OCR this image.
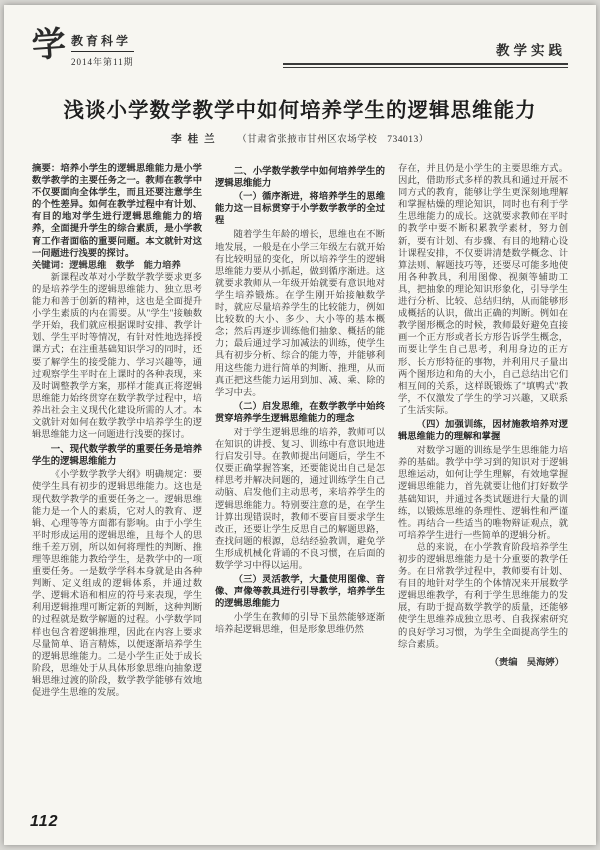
学 教育科学
2014年第11期
教学实践
浅谈小学数学教学中如何培养学生的逻辑思维能力
李桂兰 （甘肃省张掖市甘州区农场学校　734013）

摘要：培养小学生的逻辑思维能力是小学数学教学的主要任务之一。教师在教学中不仅要面向全体学生，而且还要注意学生的个性差异。如何在教学过程中有计划、有目的地对学生进行逻辑思维能力的培养，全面提升学生的综合素质，是小学教育工作者面临的重要问题。本文就针对这一问题进行浅要的探讨。

关键词：逻辑思维　数学　能力培养

新课程改革对小学数学教学要求更多的是培养学生的逻辑思维能力、独立思考能力和善于创新的精神，这也是全面提升小学生素质的内在需要。从"学生"接触数学开始，我们就应根据课时安排、教学计划、学生平时等情况，有针对性地选择授课方式；在注重基础知识学习的同时，还要了解学生的接受能力、学习兴趣等，通过观察学生平时在上课时的各种表现，来及时调整教学方案，那样才能真正将逻辑思维能力始终贯穿在数学教学过程中，培养出社会主义现代化建设所需的人才。本文就针对如何在数学教学中培养学生的逻辑思维能力这一问题进行浅要的探讨。

一、现代数学教学的重要任务是培养学生的逻辑思维能力

《小学数学教学大纲》明确规定：要使学生具有初步的逻辑思维能力。这也是现代数学教学的重要任务之一。逻辑思维能力是一个人的素质，它对人的教育、逻辑、心理等等方面都有影响。由于小学生平时形成运用的逻辑思维，且每个人的思维千差万别，所以如何将理性的判断、推理等思维能力教给学生，是教学中的一项重要任务。一是数学学科本身就是由各种判断、定义组成的逻辑体系，并通过数学、逻辑术语和相应的符号来表现，学生利用逻辑推理可断定新的判断，这种判断的过程就是数学解题的过程。小学数学同样也包含着逻辑推理，因此在内容上要求尽量简单、语言精炼，以便逐渐培养学生的逻辑思维能力。二是小学生正处于成长阶段，思维处于从具体形象思维向抽象逻辑思维过渡的阶段，数学教学能够有效地促进学生思维的发展。

二、小学数学教学中如何培养学生的逻辑思维能力
（一）循序渐进，将培养学生的思维能力这一目标贯穿于小学数学教学的全过程

随着学生年龄的增长，思维也在不断地发展，一般是在小学三年级左右就开始有比较明显的变化，所以培养学生的逻辑思维能力要从小抓起，做到循序渐进。这就要求教师从一年级开始就要有意识地对学生培养锻炼。在学生刚开始接触数学时，就应尽量培养学生的比较能力，例如比较数的大小、多少、大小等的基本概念；然后再逐步训练他们抽象、概括的能力；最后通过学习加减法的训练，使学生具有初步分析、综合的能力等，并能够利用这些能力进行简单的判断、推理，从而真正把这些能力运用到加、减、乘、除的学习中去。

（二）启发思维，在数学教学中始终贯穿培养学生逻辑思维能力的理念

对于学生逻辑思维的培养，教师可以在知识的讲授、复习、训练中有意识地进行启发引导。在教师提出问题后，学生不仅要正确掌握答案，还要能说出自己是怎样思考并解决问题的，通过训练学生自己动脑、启发他们主动思考，来培养学生的逻辑思维能力。特别要注意的是，在学生计算出现错误时，教师不要盲目要求学生改正，还要让学生反思自己的解题思路，查找问题的根源，总结经验教训，避免学生形成机械化背诵的不良习惯，在后面的数学学习中得以运用。

（三）灵活教学，大量使用图像、音像、声像等教具进行引导教学，培养学生的逻辑思维能力

小学生在教师的引导下虽然能够逐渐培养起逻辑思维，但是形象思维仍然

存在，并且仍是小学生的主要思维方式。因此，借助形式多样的教具和通过开展不同方式的教育，能够让学生更深刻地理解和掌握枯燥的理论知识，同时也有利于学生思维能力的成长。这就要求教师在平时的教学中要不断积累教学素材，努力创新，要有计划、有步骤、有目的地精心设计课程安排，不仅要讲清楚数学概念、计算法则、解题技巧等，还要尽可能多地使用各种教具，利用图像、视频等辅助工具，把抽象的理论知识形象化，引导学生进行分析、比较、总结归纳，从而能够形成概括的认识，做出正确的判断。例如在教学图形概念的时候，教师最好避免直接画一个正方形或者长方形告诉学生概念，而要让学生自己思考，利用身边的正方形、长方形特征的事物，并利用尺子量出两个图形边和角的大小，自己总结出它们相互间的关系，这样既锻炼了"填鸭式"教学，不仅激发了学生的学习兴趣，又联系了生活实际。

（四）加强训练，因材施教培养对逻辑思维能力的理解和掌握

对数学习题的训练是学生思维能力培养的基础。教学中学习到的知识对于逻辑思维运动，如何让学生理解，有效地掌握逻辑思维能力，首先就要让他们打好数学基础知识，并通过各类试题进行大量的训练，以锻炼思维的条理性、逻辑性和严谨性。再结合一些适当的唯物辩证观点，就可培养学生进行一些简单的逻辑分析。

总的来说，在小学教育阶段培养学生初步的逻辑思维能力是十分重要的教学任务。在日常教学过程中，教师要有计划、有目的地针对学生的个体情况来开展数学逻辑思维教学，有利于学生思维能力的发展，有助于提高数学教学的质量，还能够使学生思维养成独立思考、自我探索研究的良好学习习惯，为学生全面提高学生的综合素质。

（责编　吴海婷）

112
